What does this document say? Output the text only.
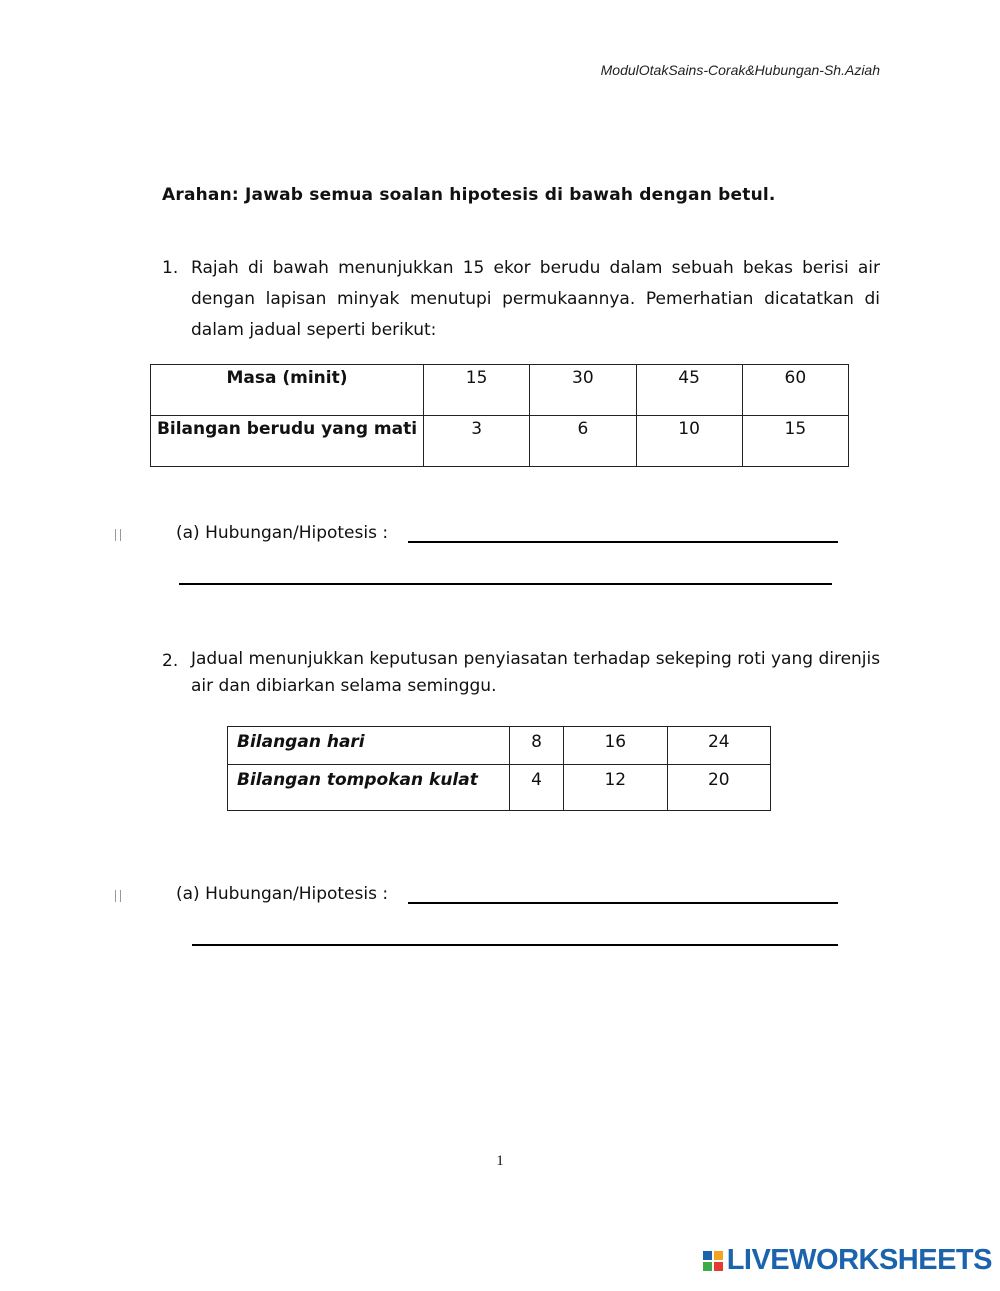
ModulOtakSains-Corak&Hubungan-Sh.Aziah
Arahan: Jawab semua soalan hipotesis di bawah dengan betul.
1. Rajah di bawah menunjukkan 15 ekor berudu dalam sebuah bekas berisi air dengan lapisan minyak menutupi permukaannya. Pemerhatian dicatatkan di dalam jadual seperti berikut:
Masa (minit)	15	30	45	60
Bilangan berudu yang mati	3	6	10	15
(a) Hubungan/Hipotesis :
2. Jadual menunjukkan keputusan penyiasatan terhadap sekeping roti yang direnjis air dan dibiarkan selama seminggu.
Bilangan hari	8	16	24
Bilangan tompokan kulat	4	12	20
(a) Hubungan/Hipotesis :
1
LIVEWORKSHEETS
